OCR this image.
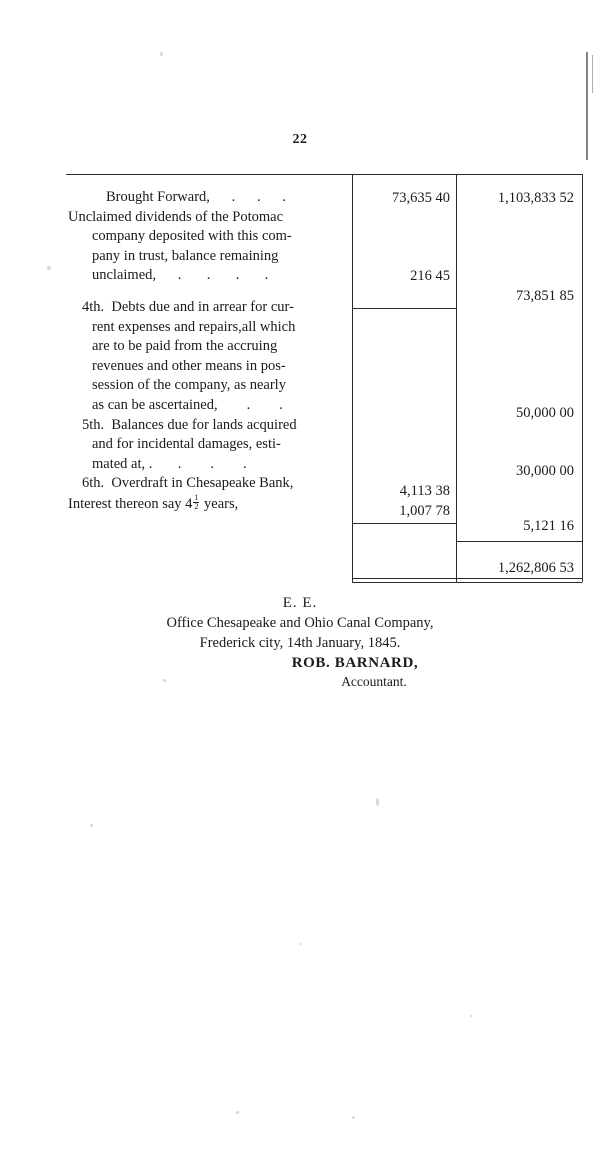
22
Brought Forward,      .      .      .
Unclaimed dividends of the Potomac
company deposited with this com-
pany in trust, balance remaining
unclaimed,      .       .       .       .
4th.  Debts due and in arrear for cur-
rent expenses and repairs,all which
are to be paid from the accruing
revenues and other means in pos-
session of the company, as nearly
as can be ascertained,        .        .
5th.  Balances due for lands acquired
and for incidental damages, esti-
mated at, .       .        .        .
6th.  Overdraft in Chesapeake Bank,
Interest thereon say $4 \frac{1}{2}$ years,
73,635 40
216 45
4,113 38
1,007 78
1,103,833 52
73,851 85
50,000 00
30,000 00
5,121 16
1,262,806 53
E. E.
Office Chesapeake and Ohio Canal Company,
Frederick city, 14th January, 1845.
ROB. BARNARD,
Accountant.
